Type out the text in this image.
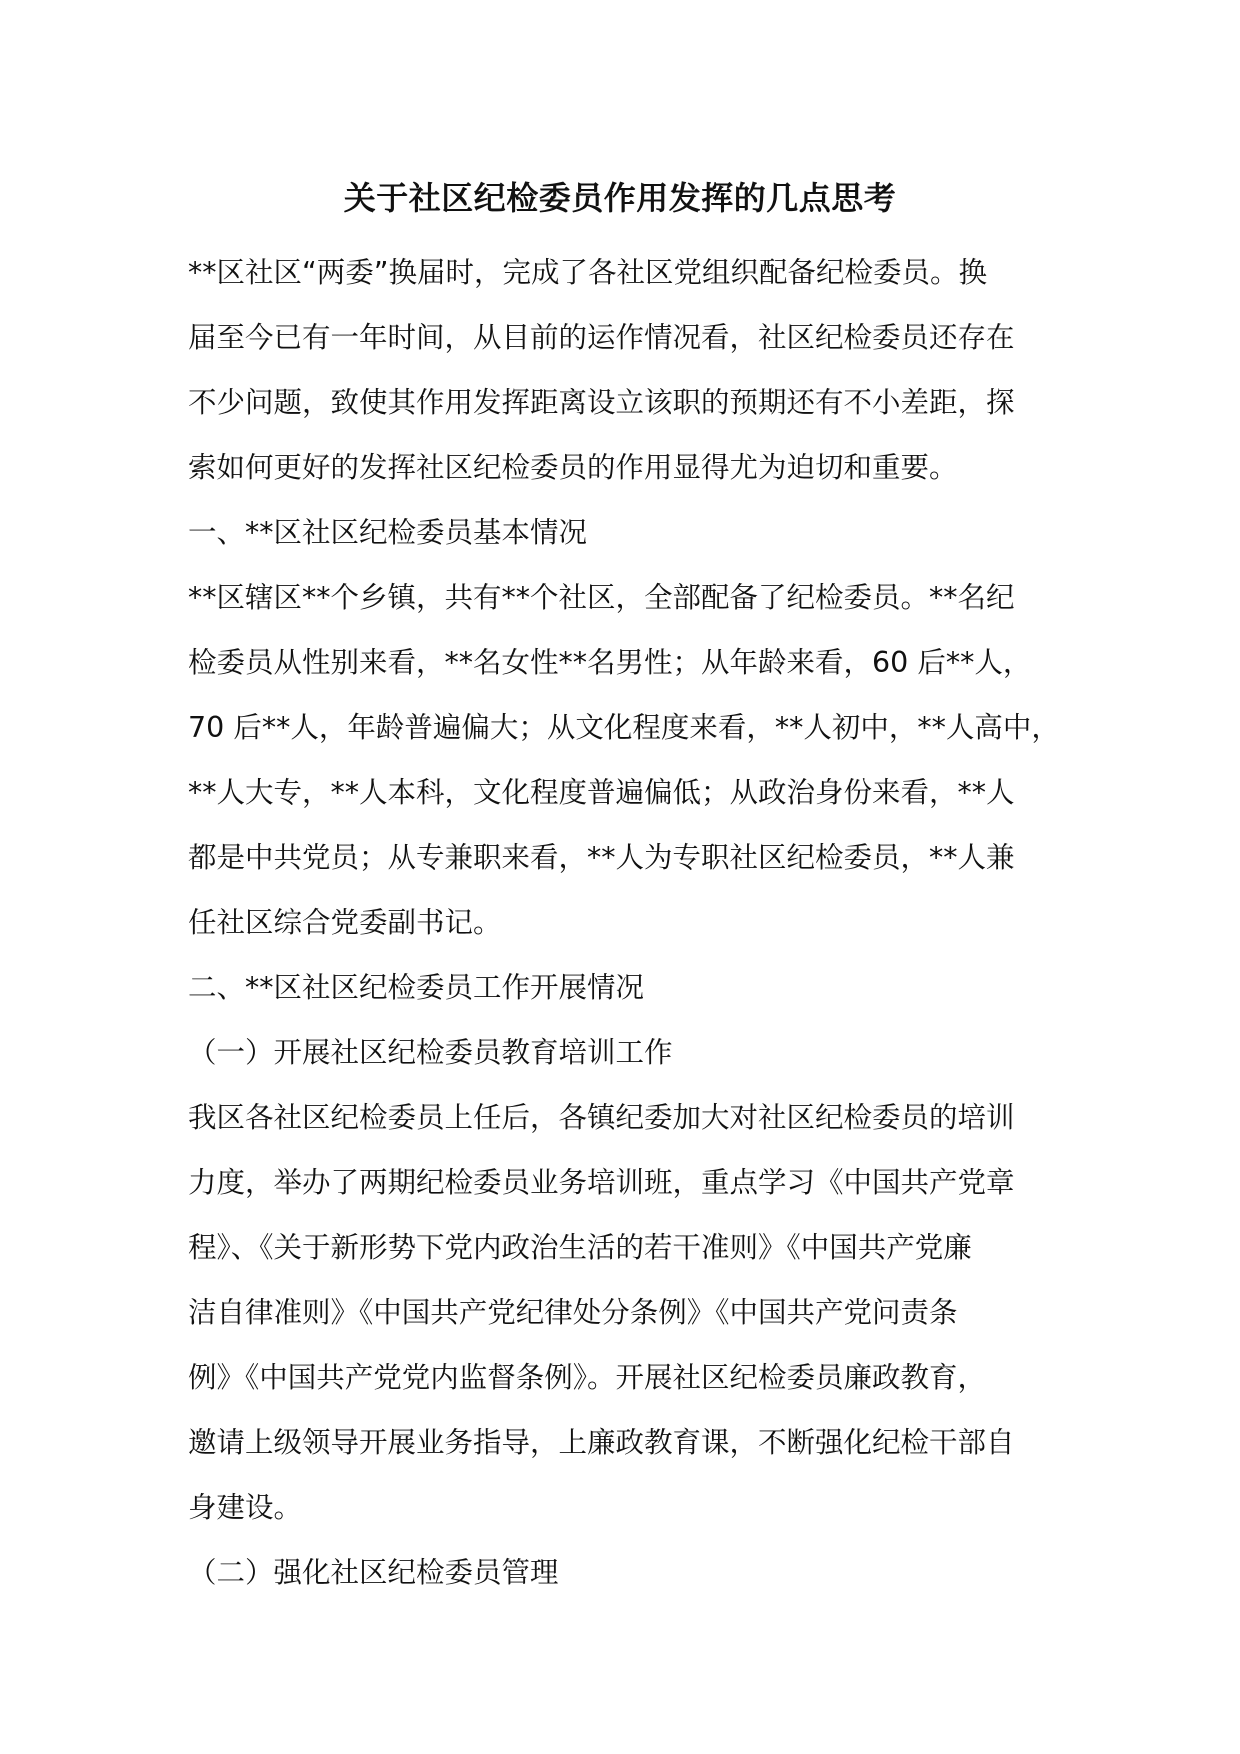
关于社区纪检委员作用发挥的几点思考
**区社区“两委”换届时，完成了各社区党组织配备纪检委员。换
届至今已有一年时间，从目前的运作情况看，社区纪检委员还存在
不少问题，致使其作用发挥距离设立该职的预期还有不小差距，探
索如何更好的发挥社区纪检委员的作用显得尤为迫切和重要。
一、**区社区纪检委员基本情况
**区辖区**个乡镇，共有**个社区，全部配备了纪检委员。**名纪
检委员从性别来看，**名女性**名男性；从年龄来看，60 后**人，
70 后**人，年龄普遍偏大；从文化程度来看，**人初中，**人高中，
**人大专，**人本科，文化程度普遍偏低；从政治身份来看，**人
都是中共党员；从专兼职来看，**人为专职社区纪检委员，**人兼
任社区综合党委副书记。
二、**区社区纪检委员工作开展情况
（一）开展社区纪检委员教育培训工作
我区各社区纪检委员上任后，各镇纪委加大对社区纪检委员的培训
力度，举办了两期纪检委员业务培训班，重点学习《中国共产党章
程》、《关于新形势下党内政治生活的若干准则》《中国共产党廉
洁自律准则》《中国共产党纪律处分条例》《中国共产党问责条
例》《中国共产党党内监督条例》。开展社区纪检委员廉政教育，
邀请上级领导开展业务指导，上廉政教育课，不断强化纪检干部自
身建设。
（二）强化社区纪检委员管理
